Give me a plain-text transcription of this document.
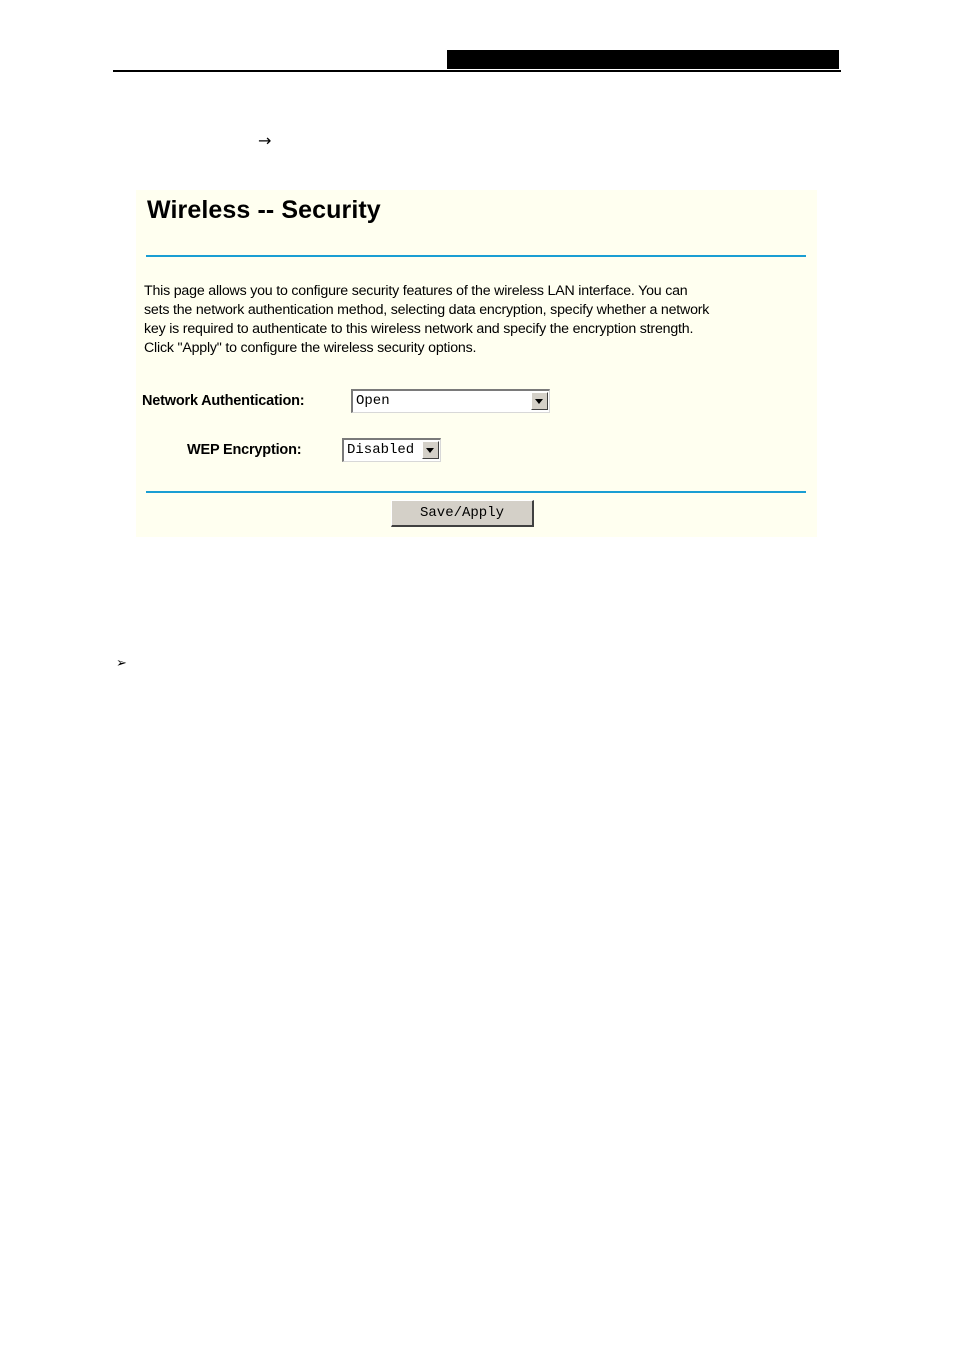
→
Wireless -- Security
This page allows you to configure security features of the wireless LAN interface. You can
sets the network authentication method, selecting data encryption, specify whether a network
key is required to authenticate to this wireless network and specify the encryption strength.
Click "Apply" to configure the wireless security options.
Network Authentication:	Open
WEP Encryption:	Disabled
Save/Apply
➢
